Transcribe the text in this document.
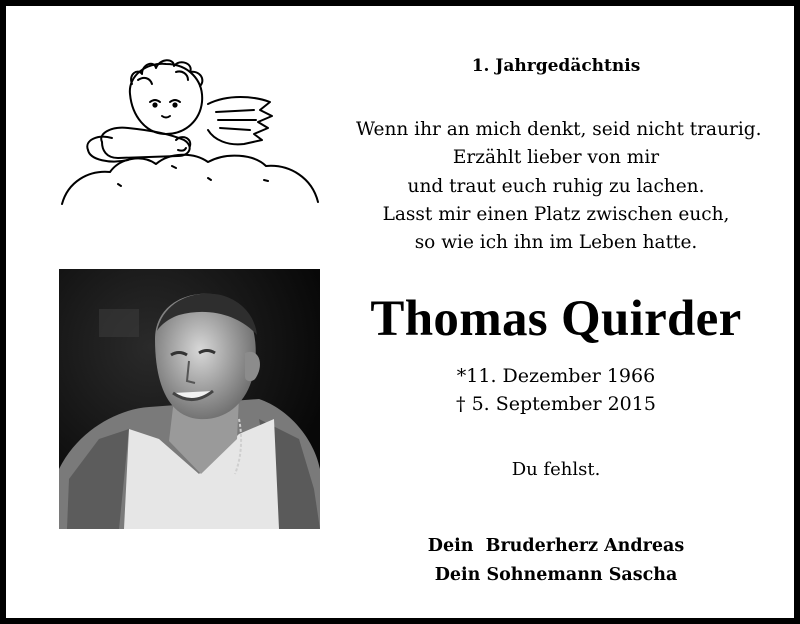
1. Jahrgedächtnis
Wenn ihr an mich denkt, seid nicht traurig.
Erzählt lieber von mir
und traut euch ruhig zu lachen.
Lasst mir einen Platz zwischen euch,
so wie ich ihn im Leben hatte.
Thomas Quirder
*11. Dezember 1966
† 5. September 2015
Du fehlst.
Dein  Bruderherz Andreas
Dein Sohnemann Sascha
